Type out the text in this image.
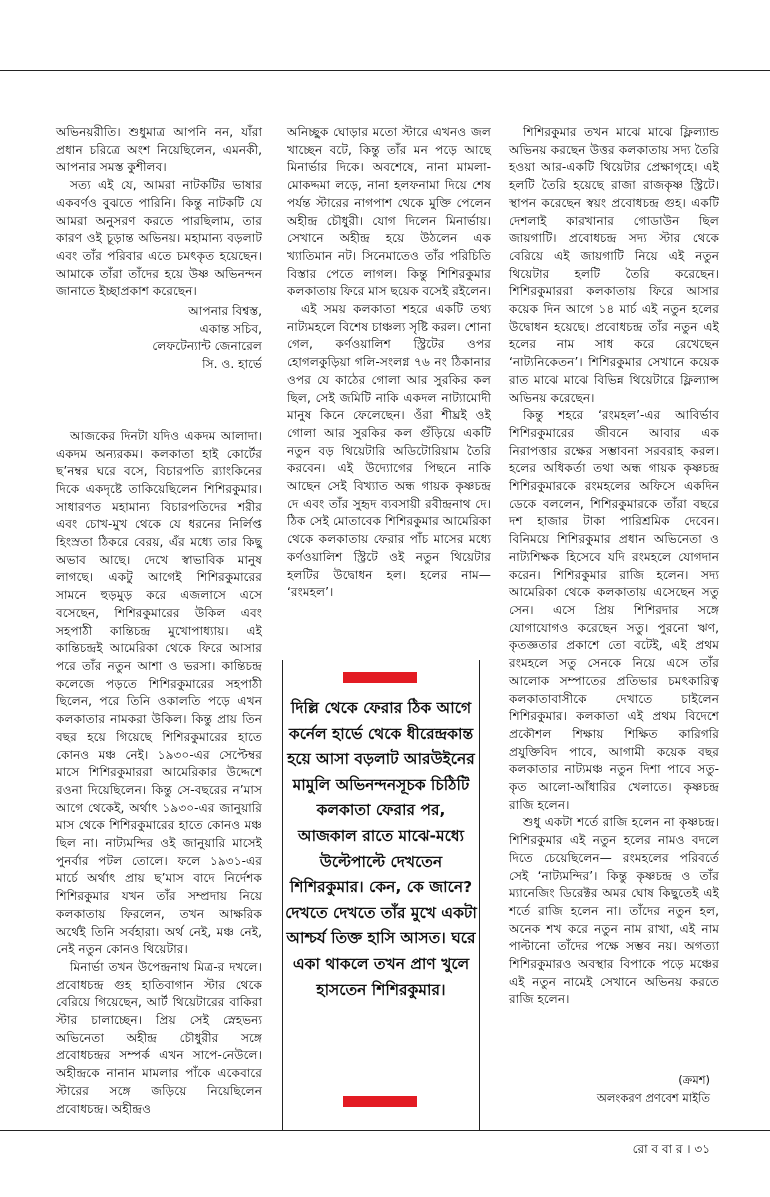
অভিনয়রীতি। শুধুমাত্র আপনি নন, যাঁরা প্রধান চরিত্রে অংশ নিয়েছিলেন, এমনকী, আপনার সমস্ত কুশীলব।

সত্য এই যে, আমরা নাটকটির ভাষার একবর্ণও বুঝতে পারিনি। কিন্তু নাটকটি যে আমরা অনুসরণ করতে পারছিলাম, তার কারণ ওই চূড়ান্ত অভিনয়। মহামান্য বড়লাট এবং তাঁর পরিবার এতে চমৎকৃত হয়েছেন। আমাকে তাঁরা তাঁদের হয়ে উষ্ণ অভিনন্দন জানাতে ইচ্ছাপ্রকাশ করেছেন।

আপনার বিশ্বস্ত,
একান্ত সচিব,
লেফটেন্যান্ট জেনারেল
সি. ও. হার্ভে

আজকের দিনটা যদিও একদম আলাদা। একদম অন্যরকম। কলকাতা হাই কোর্টের ছ’নম্বর ঘরে বসে, বিচারপতি র‌্যাংকিনের দিকে একদৃষ্টে তাকিয়েছিলেন শিশিরকুমার। সাধারণত মহামান্য বিচারপতিদের শরীর এবং চোখ-মুখ থেকে যে ধরনের নির্লিপ্ত হিংস্রতা ঠিকরে বেরয়, এঁর মধ্যে তার কিছু অভাব আছে। দেখে স্বাভাবিক মানুষ লাগছে। একটু আগেই শিশিরকুমারের সামনে হুড়মুড় করে এজলাসে এসে বসেছেন, শিশিরকুমারের উকিল এবং সহপাঠী কান্তিচন্দ্র মুখোপাধ্যায়। এই কান্তিচন্দ্রই আমেরিকা থেকে ফিরে আসার পরে তাঁর নতুন আশা ও ভরসা। কান্তিচন্দ্র কলেজে পড়তে শিশিরকুমারের সহপাঠী ছিলেন, পরে তিনি ওকালতি পড়ে এখন কলকাতার নামকরা উকিল। কিন্তু প্রায় তিন বছর হয়ে গিয়েছে শিশিরকুমারের হাতে কোনও মঞ্চ নেই। ১৯৩০-এর সেপ্টেম্বর মাসে শিশিরকুমাররা আমেরিকার উদ্দেশে রওনা দিয়েছিলেন। কিন্তু সে-বছরের ন’মাস আগে থেকেই, অর্থাৎ ১৯৩০-এর জানুয়ারি মাস থেকে শিশিরকুমারের হাতে কোনও মঞ্চ ছিল না। নাট্যমন্দির ওই জানুয়ারি মাসেই পুনর্বার পটল তোলে। ফলে ১৯৩১-এর মার্চে অর্থাৎ প্রায় ছ’মাস বাদে নির্দেশক শিশিরকুমার যখন তাঁর সম্প্রদায় নিয়ে কলকাতায় ফিরলেন, তখন আক্ষরিক অর্থেই তিনি সর্বহারা। অর্থ নেই, মঞ্চ নেই, নেই নতুন কোনও থিয়েটার।

মিনার্ভা তখন উপেন্দ্রনাথ মিত্র-র দখলে। প্রবোধচন্দ্র গুহ হাতিবাগান স্টার থেকে বেরিয়ে গিয়েছেন, আর্ট থিয়েটারের বাকিরা স্টার চালাচ্ছেন। প্রিয় সেই স্নেহভন্য অভিনেতা অহীন্দ্র চৌধুরীর সঙ্গে প্রবোধচন্দ্রর সম্পর্ক এখন সাপে-নেউলে। অহীন্দ্রকে নানান মামলার পাঁকে একেবারে স্টারের সঙ্গে জড়িয়ে নিয়েছিলেন প্রবোধচন্দ্র। অহীন্দ্রও

অনিচ্ছুক ঘোড়ার মতো স্টারে এখনও জল খাচ্ছেন বটে, কিন্তু তাঁর মন পড়ে আছে মিনার্ভার দিকে। অবশেষে, নানা মামলা-মোকদ্দমা লড়ে, নানা হলফনামা দিয়ে শেষ পর্যন্ত স্টারের নাগপাশ থেকে মুক্তি পেলেন অহীন্দ্র চৌধুরী। যোগ দিলেন মিনার্ভায়। সেখানে অহীন্দ্র হয়ে উঠলেন এক খ্যাতিমান নট। সিনেমাতেও তাঁর পরিচিতি বিস্তার পেতে লাগল। কিন্তু শিশিরকুমার কলকাতায় ফিরে মাস ছয়েক বসেই রইলেন।

এই সময় কলকাতা শহরে একটি তথ্য নাট্যমহলে বিশেষ চাঞ্চল্য সৃষ্টি করল। শোনা গেল, কর্ণওয়ালিশ স্ট্রিটের ওপর হোগলকুড়িয়া গলি-সংলগ্ন ৭৬ নং ঠিকানার ওপর যে কাঠের গোলা আর সুরকির কল ছিল, সেই জমিটি নাকি একদল নাট্যামোদী মানুষ কিনে ফেলেছেন। ওঁরা শীঘ্রই ওই গোলা আর সুরকির কল গুঁড়িয়ে একটি নতুন বড় থিয়েটারি অডিটোরিয়াম তৈরি করবেন। এই উদ্যোগের পিছনে নাকি আছেন সেই বিখ্যাত অন্ধ গায়ক কৃষ্ণচন্দ্র দে এবং তাঁর সুহৃদ ব্যবসায়ী রবীন্দ্রনাথ দে। ঠিক সেই মোতাবেক শিশিরকুমার আমেরিকা থেকে কলকাতায় ফেরার পাঁচ মাসের মধ্যে কর্ণওয়ালিশ স্ট্রিটে ওই নতুন থিয়েটার হলটির উদ্বোধন হল। হলের নাম— ‘রংমহল’।

দিল্লি থেকে ফেরার ঠিক আগে কর্নেল হার্ভে থেকে ধীরেন্দ্রকান্ত হয়ে আসা বড়লাট আরউইনের মামুলি অভিনন্দনসূচক চিঠিটি কলকাতা ফেরার পর, আজকাল রাতে মাঝে-মধ্যে উল্টেপাল্টে দেখতেন শিশিরকুমার। কেন, কে জানে? দেখতে দেখতে তাঁর মুখে একটা আশ্চর্য তিক্ত হাসি আসত। ঘরে একা থাকলে তখন প্রাণ খুলে হাসতেন শিশিরকুমার।

শিশিরকুমার তখন মাঝে মাঝে ফ্লিল্যান্ড অভিনয় করছেন উত্তর কলকাতায় সদ্য তৈরি হওয়া আর-একটি থিয়েটার প্রেক্ষাগৃহে। এই হলটি তৈরি হয়েছে রাজা রাজকৃষ্ণ স্ট্রিটে। স্থাপন করেছেন স্বয়ং প্রবোধচন্দ্র গুহ। একটি দেশলাই কারখানার গোডাউন ছিল জায়গাটি। প্রবোধচন্দ্র সদ্য স্টার থেকে বেরিয়ে এই জায়গাটি নিয়ে এই নতুন থিয়েটার হলটি তৈরি করেছেন। শিশিরকুমাররা কলকাতায় ফিরে আসার কয়েক দিন আগে ১৪ মার্চ এই নতুন হলের উদ্বোধন হয়েছে। প্রবোধচন্দ্র তাঁর নতুন এই হলের নাম সাধ করে রেখেছেন ‘নাট্যনিকেতন’। শিশিরকুমার সেখানে কয়েক রাত মাঝে মাঝে বিভিন্ন থিয়েটারে ফ্লিল্যান্স অভিনয় করেছেন।

কিন্তু শহরে ‘রংমহল’-এর আবির্ভাব শিশিরকুমারের জীবনে আবার এক নিরাপত্তার রক্ষের সম্ভাবনা সরবরাহ করল। হলের অধিকর্তা তথা অন্ধ গায়ক কৃষ্ণচন্দ্র শিশিরকুমারকে রংমহলের অফিসে একদিন ডেকে বললেন, শিশিরকুমারকে তাঁরা বছরে দশ হাজার টাকা পারিশ্রমিক দেবেন। বিনিময়ে শিশিরকুমার প্রধান অভিনেতা ও নাট্যশিক্ষক হিসেবে যদি রংমহলে যোগদান করেন। শিশিরকুমার রাজি হলেন। সদ্য আমেরিকা থেকে কলকাতায় এসেছেন সতু সেন। এসে প্রিয় শিশিরদার সঙ্গে যোগাযোগও করেছেন সতু। পুরনো ঋণ, কৃতজ্ঞতার প্রকাশে তো বটেই, এই প্রথম রংমহলে সতু সেনকে নিয়ে এসে তাঁর আলোক সম্পাতের প্রতিভার চমৎকারিত্ব কলকাতাবাসীকে দেখাতে চাইলেন শিশিরকুমার। কলকাতা এই প্রথম বিদেশে প্রকৌশল শিক্ষায় শিক্ষিত কারিগরি প্রযুক্তিবিদ পাবে, আগামী কয়েক বছর কলকাতার নাট্যমঞ্চ নতুন দিশা পাবে সতু-কৃত আলো-আঁধারির খেলাতে। কৃষ্ণচন্দ্র রাজি হলেন।

শুধু একটা শর্তে রাজি হলেন না কৃষ্ণচন্দ্র। শিশিরকুমার এই নতুন হলের নামও বদলে দিতে চেয়েছিলেন— রংমহলের পরিবর্তে সেই ‘নাট্যমন্দির’। কিন্তু কৃষ্ণচন্দ্র ও তাঁর ম্যানেজিং ডিরেক্টর অমর ঘোষ কিছুতেই এই শর্তে রাজি হলেন না। তাঁদের নতুন হল, অনেক শখ করে নতুন নাম রাখা, এই নাম পাল্টানো তাঁদের পক্ষে সম্ভব নয়। অগত্যা শিশিরকুমারও অবস্থার বিপাকে পড়ে মঞ্চের এই নতুন নামেই সেখানে অভিনয় করতে রাজি হলেন।

(ক্রমশ)
অলংকরণ প্রণবেশ মাইতি
রো ব বা র । ৩১
